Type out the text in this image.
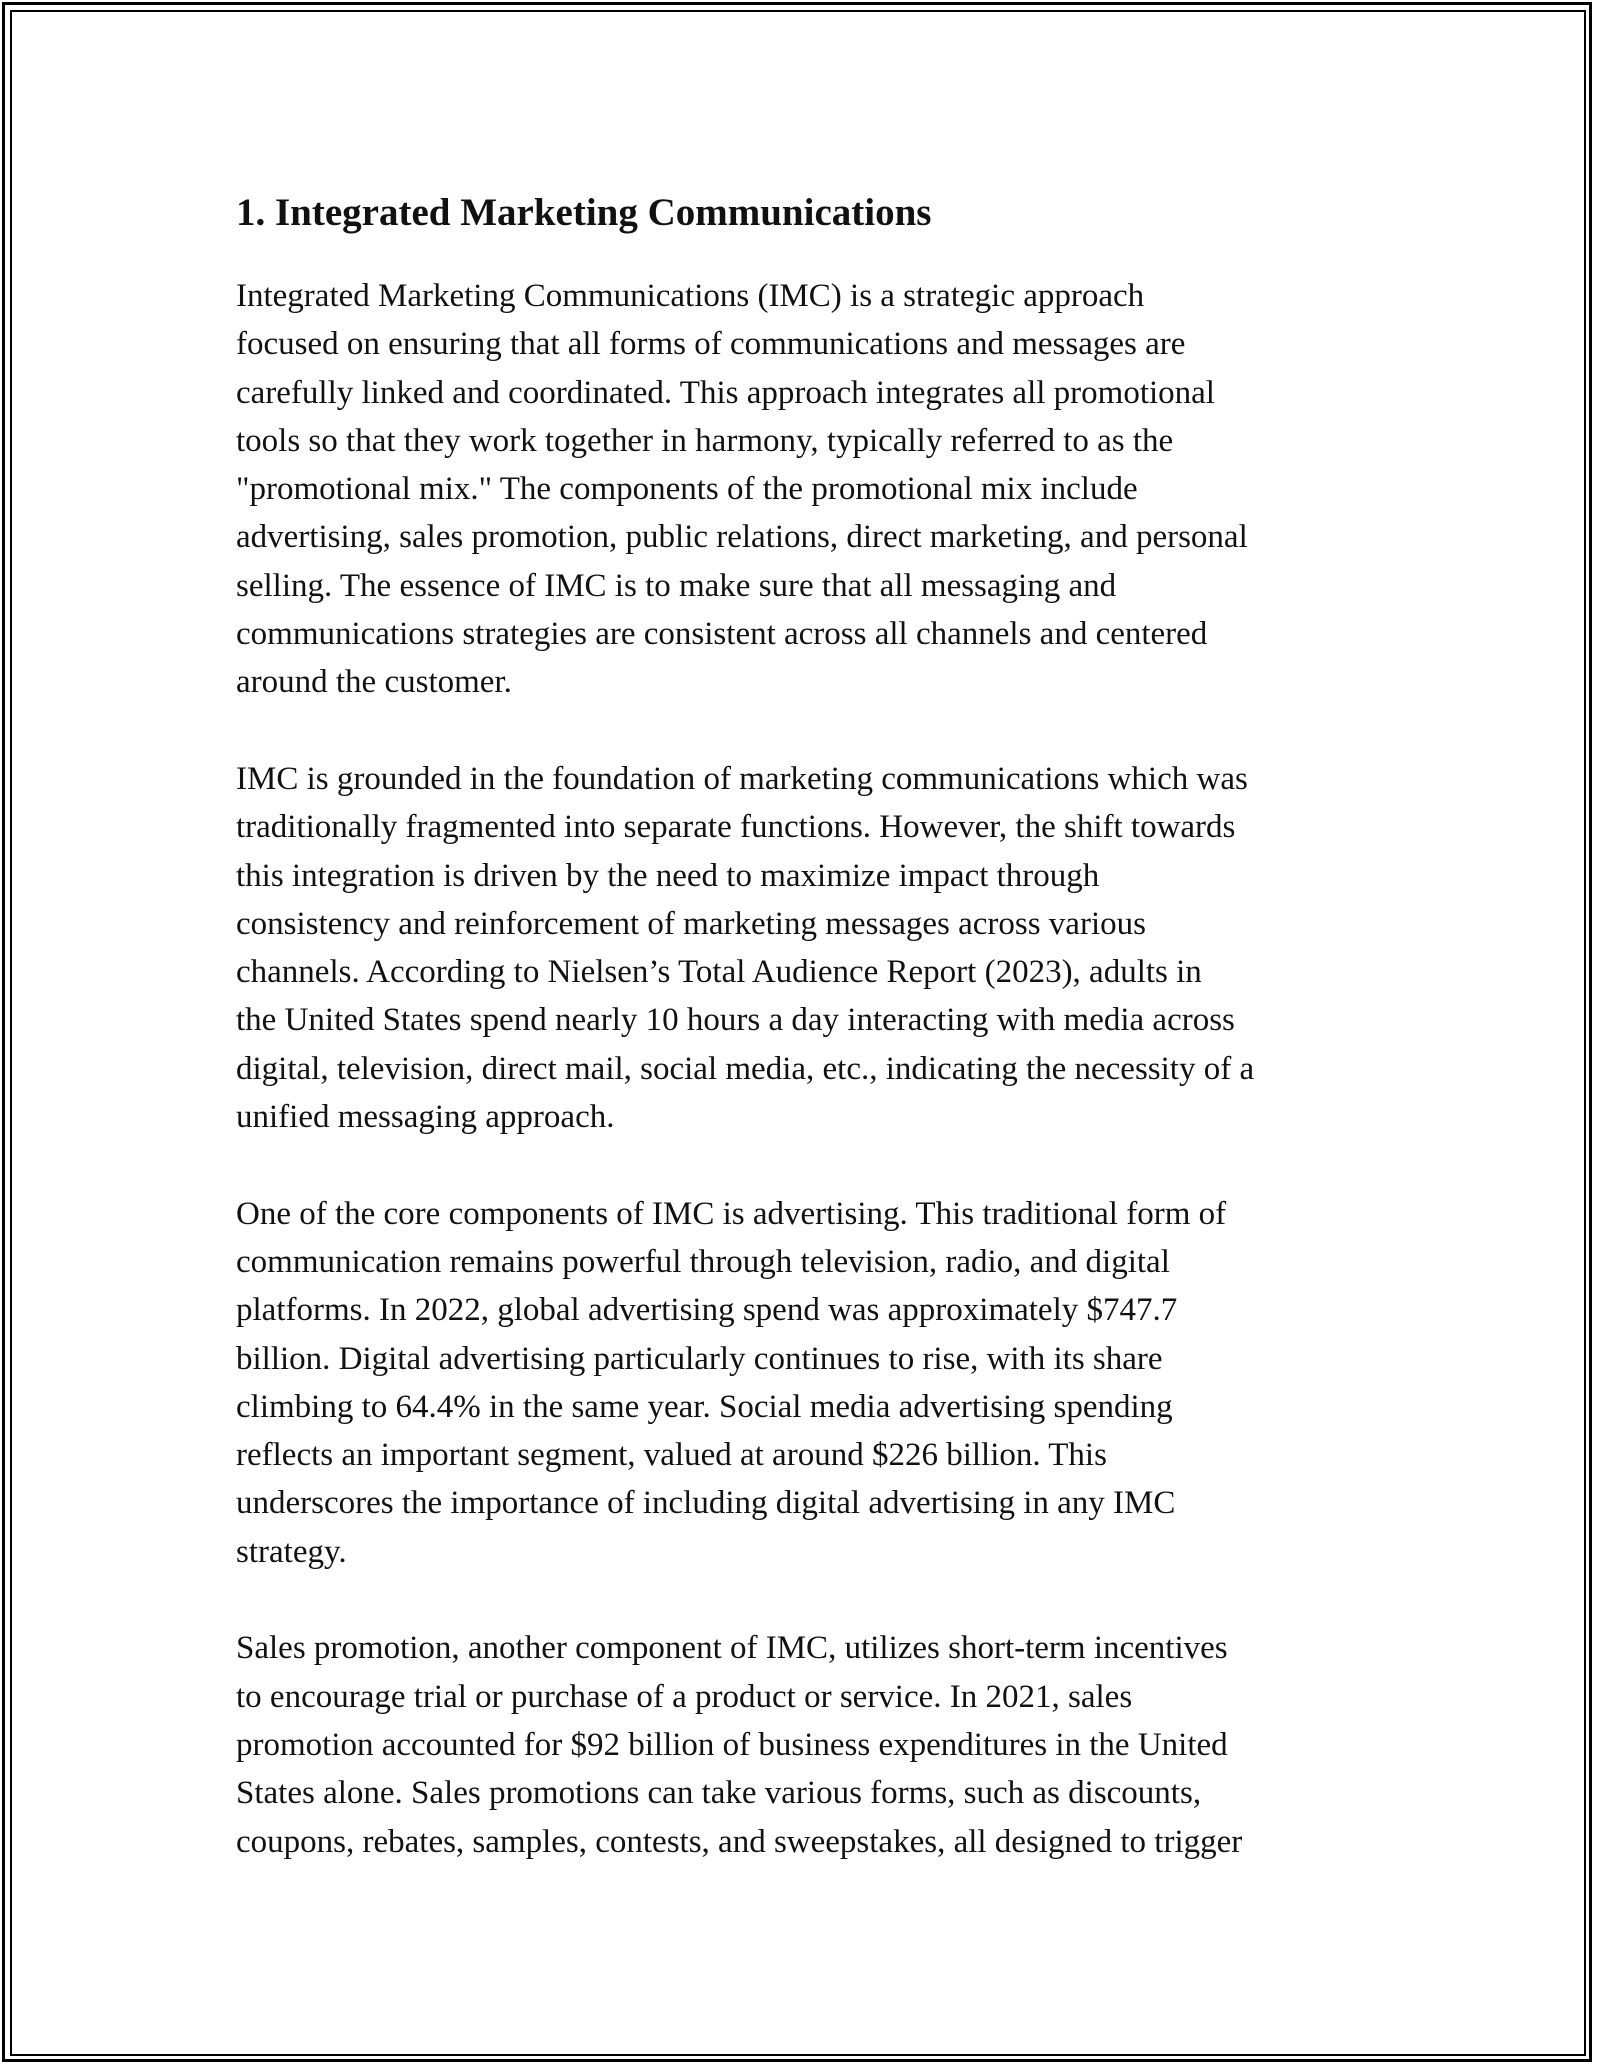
1. Integrated Marketing Communications

Integrated Marketing Communications (IMC) is a strategic approach
focused on ensuring that all forms of communications and messages are
carefully linked and coordinated. This approach integrates all promotional
tools so that they work together in harmony, typically referred to as the
"promotional mix." The components of the promotional mix include
advertising, sales promotion, public relations, direct marketing, and personal
selling. The essence of IMC is to make sure that all messaging and
communications strategies are consistent across all channels and centered
around the customer.

IMC is grounded in the foundation of marketing communications which was
traditionally fragmented into separate functions. However, the shift towards
this integration is driven by the need to maximize impact through
consistency and reinforcement of marketing messages across various
channels. According to Nielsen’s Total Audience Report (2023), adults in
the United States spend nearly 10 hours a day interacting with media across
digital, television, direct mail, social media, etc., indicating the necessity of a
unified messaging approach.

One of the core components of IMC is advertising. This traditional form of
communication remains powerful through television, radio, and digital
platforms. In 2022, global advertising spend was approximately $747.7
billion. Digital advertising particularly continues to rise, with its share
climbing to 64.4% in the same year. Social media advertising spending
reflects an important segment, valued at around $226 billion. This
underscores the importance of including digital advertising in any IMC
strategy.

Sales promotion, another component of IMC, utilizes short-term incentives
to encourage trial or purchase of a product or service. In 2021, sales
promotion accounted for $92 billion of business expenditures in the United
States alone. Sales promotions can take various forms, such as discounts,
coupons, rebates, samples, contests, and sweepstakes, all designed to trigger
